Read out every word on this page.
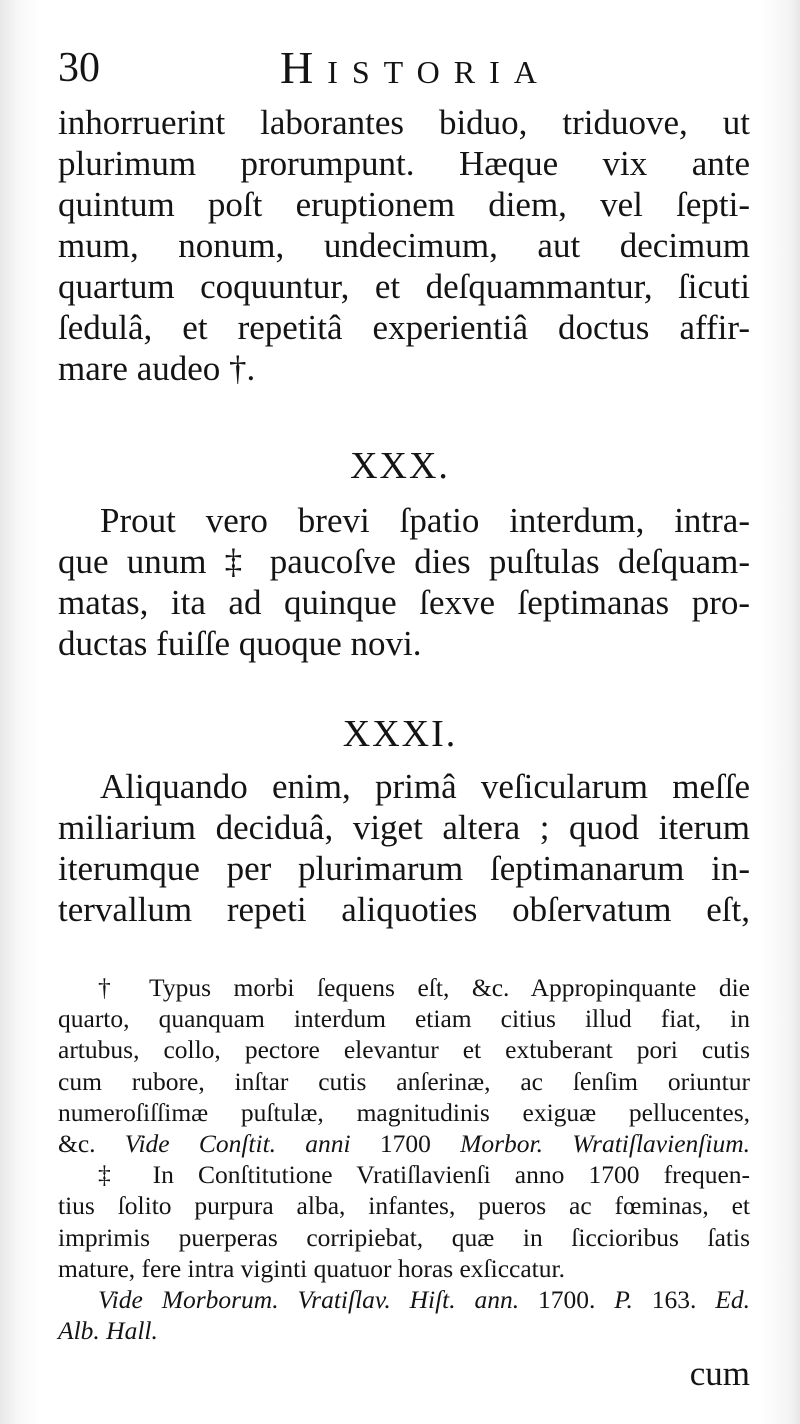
30	Historia
inhorruerint laborantes biduo, triduove, ut
plurimum prorumpunt. Hæque vix ante
quintum poſt eruptionem diem, vel ſepti-
mum, nonum, undecimum, aut decimum
quartum coquuntur, et deſquammantur, ſicuti
ſedulâ, et repetitâ experientiâ doctus affir-
mare audeo †.
XXX.
Prout vero brevi ſpatio interdum, intra-
que unum ‡ paucoſve dies puſtulas deſquam-
matas, ita ad quinque ſexve ſeptimanas pro-
ductas fuiſſe quoque novi.
XXXI.
Aliquando enim, primâ veſicularum meſſe
miliarium deciduâ, viget altera ; quod iterum
iterumque per plurimarum ſeptimanarum in-
tervallum repeti aliquoties obſervatum eſt,
† Typus morbi ſequens eſt, &c. Appropinquante die
quarto, quanquam interdum etiam citius illud fiat, in
artubus, collo, pectore elevantur et extuberant pori cutis
cum rubore, inſtar cutis anſerinæ, ac ſenſim oriuntur
numeroſiſſimæ puſtulæ, magnitudinis exiguæ pellucentes,
&c. Vide Conſtit. anni 1700 Morbor. Wratiſlavienſium.
‡ In Conſtitutione Vratiſlavienſi anno 1700 frequen-
tius ſolito purpura alba, infantes, pueros ac fœminas, et
imprimis puerperas corripiebat, quæ in ſiccioribus ſatis
mature, fere intra viginti quatuor horas exſiccatur.
Vide Morborum. Vratiſlav. Hiſt. ann. 1700. P. 163. Ed.
Alb. Hall.
cum
